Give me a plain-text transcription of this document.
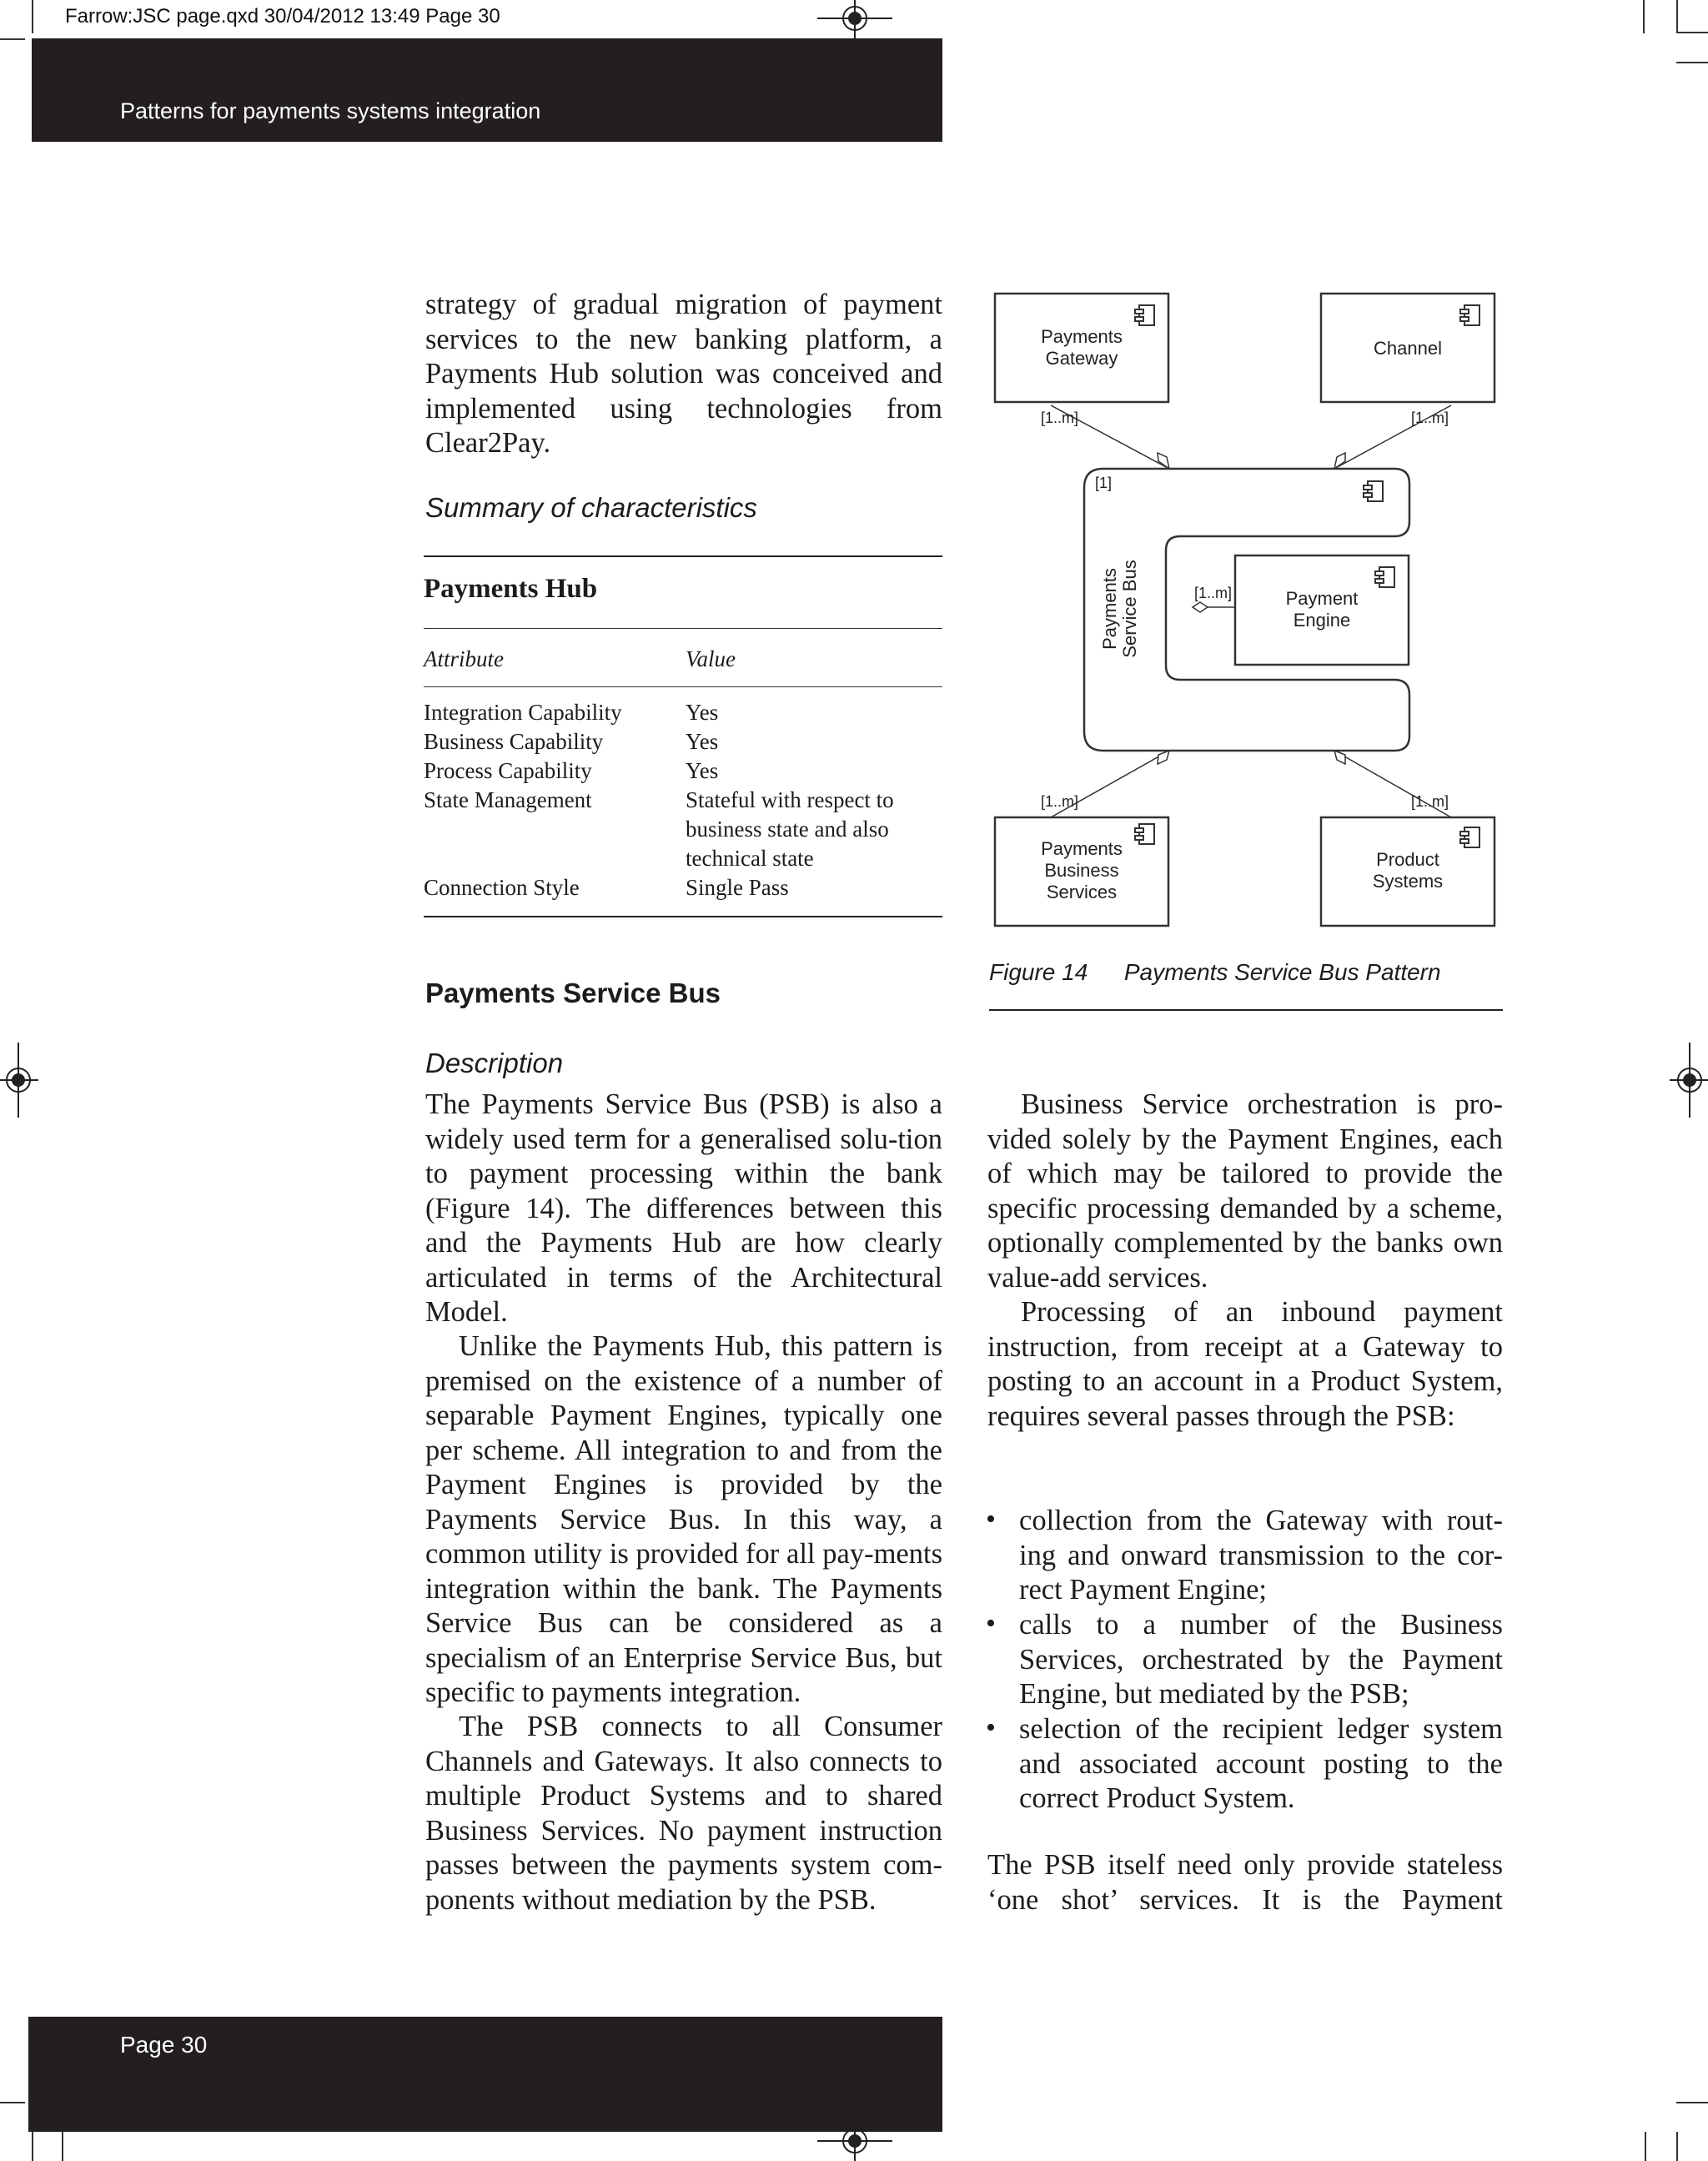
Farrow:JSC page.qxd 30/04/2012 13:49 Page 30
Patterns for payments systems integration

strategy of gradual migration of payment services to the new banking platform, a Payments Hub solution was conceived and implemented using technologies from Clear2Pay.

Summary of characteristics
Payments Hub
Attribute	Value
Integration Capability	Yes
Business Capability	Yes
Process Capability	Yes
State Management	Stateful with respect to
business state and also
technical state
Connection Style	Single Pass
Payments Service Bus
Description

The Payments Service Bus (PSB) is also a widely used term for a generalised solu-tion to payment processing within the bank (Figure 14). The differences between this and the Payments Hub are how clearly articulated in terms of the Architectural Model.

Unlike the Payments Hub, this pattern is premised on the existence of a number of separable Payment Engines, typically one per scheme. All integration to and from the Payment Engines is provided by the Payments Service Bus. In this way, a common utility is provided for all pay-ments integration within the bank. The Payments Service Bus can be considered as a specialism of an Enterprise Service Bus, but specific to payments integration.

The PSB connects to all Consumer Channels and Gateways. It also connects to multiple Product Systems and to shared Business Services. No payment instruction passes between the payments system com-ponents without mediation by the PSB.

Payments
Gateway	Channel
Payment
Engine
Payments
Business
Services
Product
Systems
Payments Service Bus
[1..m]	[1..m]
[1]
[1..m]
[1..m]	[1..m]
Figure 14 Payments Service Bus Pattern

Business Service orchestration is pro-vided solely by the Payment Engines, each of which may be tailored to provide the specific processing demanded by a scheme, optionally complemented by the banks own value-add services.

Processing of an inbound payment instruction, from receipt at a Gateway to posting to an account in a Product System, requires several passes through the PSB:

• collection from the Gateway with rout- ing and onward transmission to the cor-rect Payment Engine;
• calls to a number of the Business Services, orchestrated by the Payment Engine, but mediated by the PSB;
• selection of the recipient ledger system and associated account posting to the correct Product System.

The PSB itself need only provide stateless ‘one shot’ services. It is the Payment

Page 30
